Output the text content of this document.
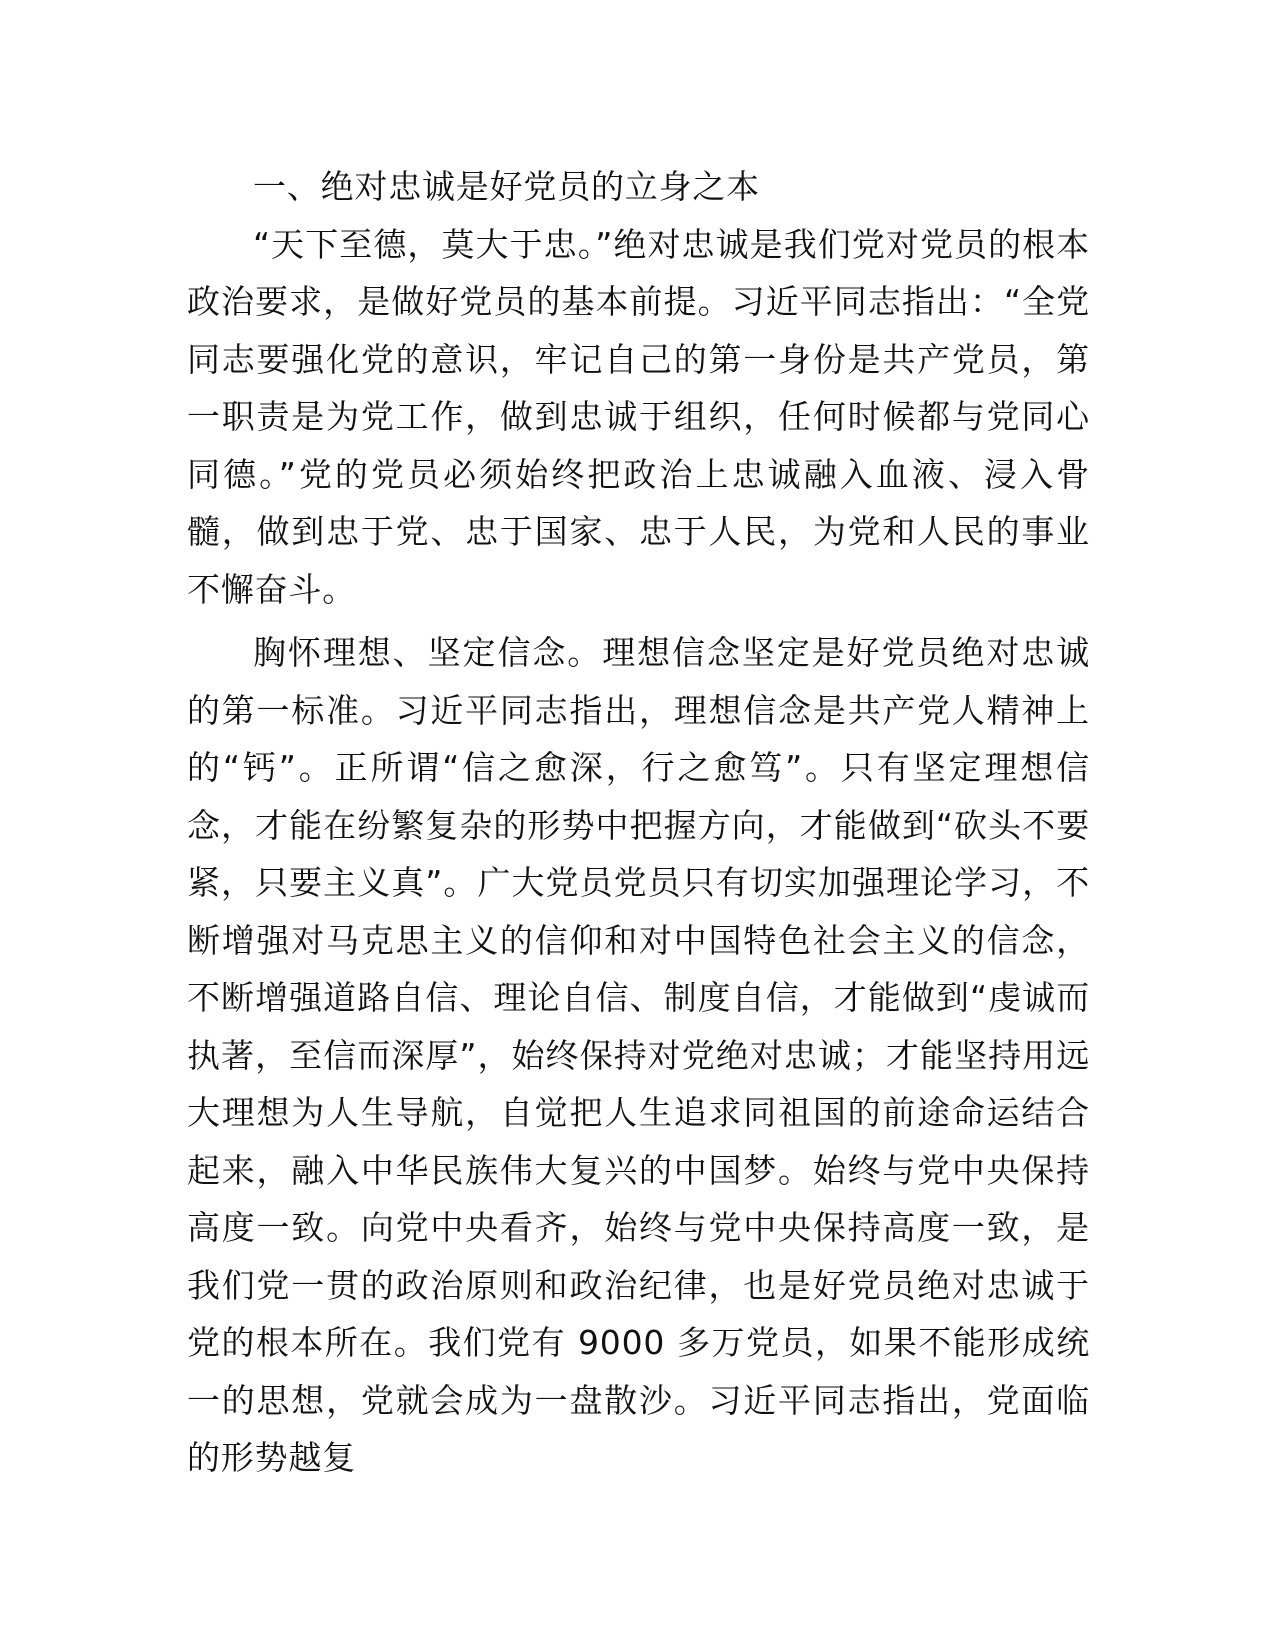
一、绝对忠诚是好党员的立身之本

“天下至德，莫大于忠。”绝对忠诚是我们党对党员的根本政治要求，是做好党员的基本前提。习近平同志指出：“全党同志要强化党的意识，牢记自己的第一身份是共产党员，第一职责是为党工作，做到忠诚于组织，任何时候都与党同心同德。”党的党员必须始终把政治上忠诚融入血液、浸入骨髓，做到忠于党、忠于国家、忠于人民，为党和人民的事业不懈奋斗。

胸怀理想、坚定信念。理想信念坚定是好党员绝对忠诚的第一标准。习近平同志指出，理想信念是共产党人精神上的“钙”。正所谓“信之愈深，行之愈笃”。只有坚定理想信念，才能在纷繁复杂的形势中把握方向，才能做到“砍头不要紧，只要主义真”。广大党员党员只有切实加强理论学习，不断增强对马克思主义的信仰和对中国特色社会主义的信念，不断增强道路自信、理论自信、制度自信，才能做到“虔诚而执著，至信而深厚”，始终保持对党绝对忠诚；才能坚持用远大理想为人生导航，自觉把人生追求同祖国的前途命运结合起来，融入中华民族伟大复兴的中国梦。始终与党中央保持高度一致。向党中央看齐，始终与党中央保持高度一致，是我们党一贯的政治原则和政治纪律，也是好党员绝对忠诚于党的根本所在。我们党有 9000 多万党员，如果不能形成统一的思想，党就会成为一盘散沙。习近平同志指出，党面临的形势越复
